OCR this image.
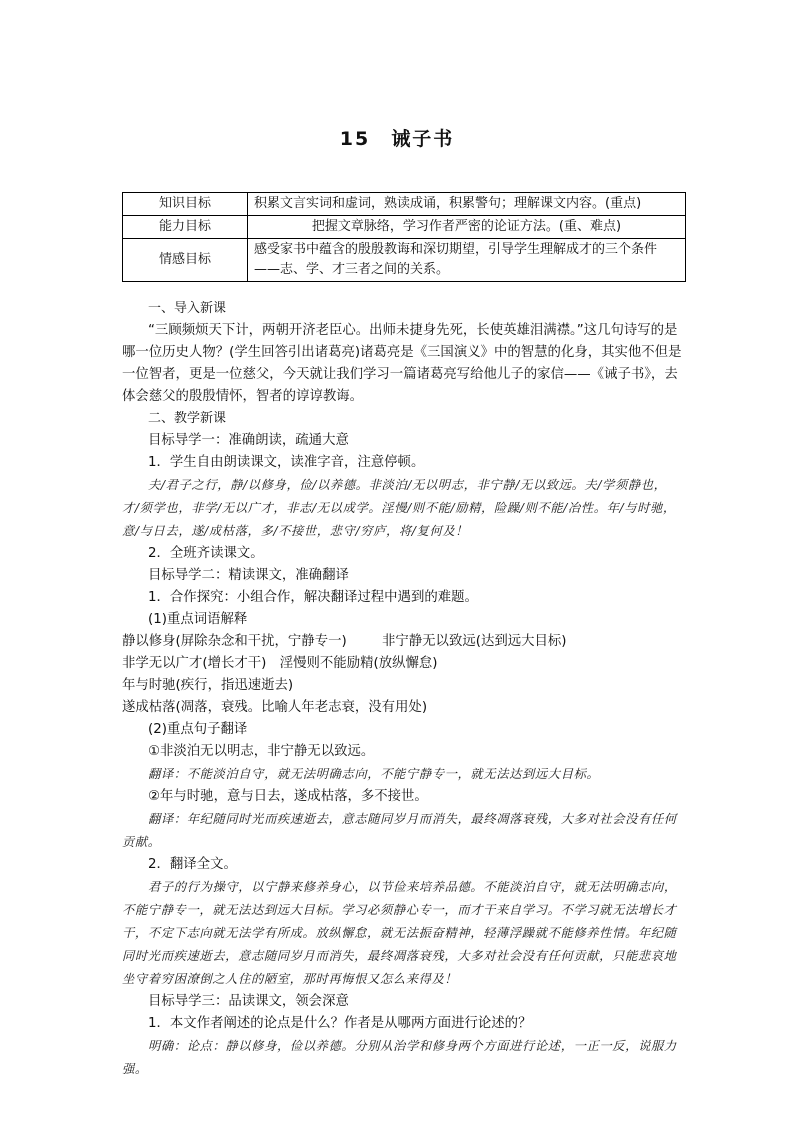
15　诫子书
知识目标	积累文言实词和虚词，熟读成诵，积累警句；理解课文内容。(重点)
能力目标	把握文章脉络，学习作者严密的论证方法。(重、难点)
情感目标	感受家书中蕴含的殷殷教诲和深切期望，引导学生理解成才的三个条件——志、学、才三者之间的关系。

一、导入新课

“三顾频烦天下计，两朝开济老臣心。出师未捷身先死，长使英雄泪满襟。”这几句诗写的是哪一位历史人物？(学生回答引出诸葛亮)诸葛亮是《三国演义》中的智慧的化身，其实他不但是一位智者，更是一位慈父，今天就让我们学习一篇诸葛亮写给他儿子的家信——《诫子书》，去体会慈父的殷殷情怀，智者的谆谆教诲。

二、教学新课

目标导学一：准确朗读，疏通大意

1．学生自由朗读课文，读准字音，注意停顿。

夫/君子之行，静/以修身，俭/以养德。非淡泊/无以明志，非宁静/无以致远。夫/学须静也，才/须学也，非学/无以广才，非志/无以成学。淫慢/则不能/励精，险躁/则不能/冶性。年/与时驰，意/与日去，遂/成枯落，多/不接世，悲守/穷庐，将/复何及！

2．全班齐读课文。

目标导学二：精读课文，准确翻译

1．合作探究：小组合作，解决翻译过程中遇到的难题。

(1)重点词语解释

静以修身(屏除杂念和干扰，宁静专一)	非宁静无以致远(达到远大目标)
非学无以广才(增长才干)　 淫慢则不能励精(放纵懈怠)

年与时驰(疾行，指迅速逝去)

遂成枯落(凋落，衰残。比喻人年老志衰，没有用处)

(2)重点句子翻译

①非淡泊无以明志，非宁静无以致远。

翻译：不能淡泊自守，就无法明确志向，不能宁静专一，就无法达到远大目标。

②年与时驰，意与日去，遂成枯落，多不接世。

翻译：年纪随同时光而疾速逝去，意志随同岁月而消失，最终凋落衰残，大多对社会没有任何贡献。

2．翻译全文。

君子的行为操守，以宁静来修养身心，以节俭来培养品德。不能淡泊自守，就无法明确志向，不能宁静专一，就无法达到远大目标。学习必须静心专一，而才干来自学习。不学习就无法增长才干，不定下志向就无法学有所成。放纵懈怠，就无法振奋精神，轻薄浮躁就不能修养性情。年纪随同时光而疾速逝去，意志随同岁月而消失，最终凋落衰残，大多对社会没有任何贡献，只能悲哀地坐守着穷困潦倒之人住的陋室，那时再悔恨又怎么来得及！

目标导学三：品读课文，领会深意

1．本文作者阐述的论点是什么？作者是从哪两方面进行论述的？

明确：论点：静以修身，俭以养德。分别从治学和修身两个方面进行论述，一正一反，说服力强。
